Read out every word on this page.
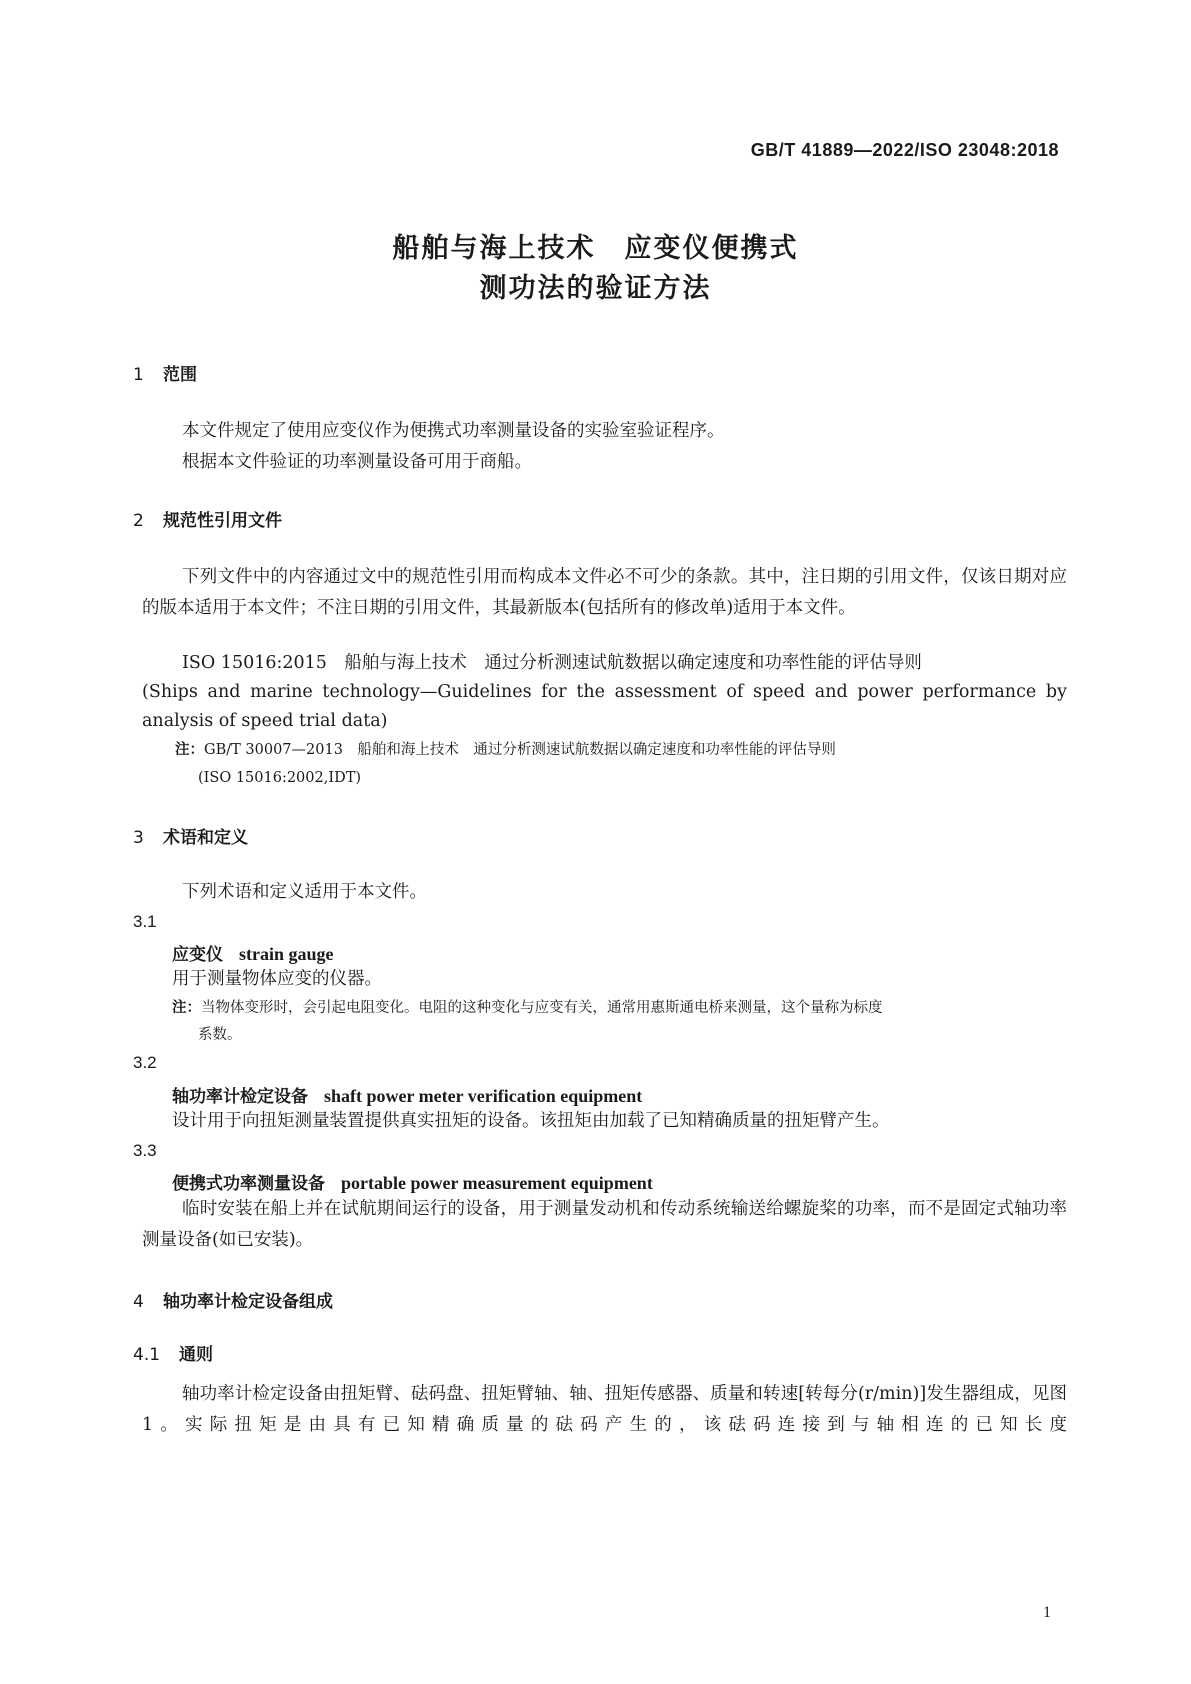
GB/T 41889—2022/ISO 23048:2018
船舶与海上技术　应变仪便携式
测功法的验证方法
1 范围
本文件规定了使用应变仪作为便携式功率测量设备的实验室验证程序。
根据本文件验证的功率测量设备可用于商船。
2 规范性引用文件
下列文件中的内容通过文中的规范性引用而构成本文件必不可少的条款。其中，注日期的引用文件，仅该日期对应的版本适用于本文件；不注日期的引用文件，其最新版本(包括所有的修改单)适用于本文件。
ISO 15016:2015　船舶与海上技术　通过分析测速试航数据以确定速度和功率性能的评估导则
(Ships and marine technology—Guidelines for the assessment of speed and power performance by
analysis of speed trial data)
注：GB/T 30007—2013　船舶和海上技术　通过分析测速试航数据以确定速度和功率性能的评估导则
(ISO 15016:2002,IDT)
3 术语和定义
下列术语和定义适用于本文件。
3.1
应变仪 strain gauge
用于测量物体应变的仪器。
注：当物体变形时，会引起电阻变化。电阻的这种变化与应变有关，通常用惠斯通电桥来测量，这个量称为标度
系数。
3.2
轴功率计检定设备 shaft power meter verification equipment
设计用于向扭矩测量装置提供真实扭矩的设备。该扭矩由加载了已知精确质量的扭矩臂产生。
3.3
便携式功率测量设备 portable power measurement equipment
临时安装在船上并在试航期间运行的设备，用于测量发动机和传动系统输送给螺旋桨的功率，而不是固定式轴功率测量设备(如已安装)。
4 轴功率计检定设备组成
4.1 通则
轴功率计检定设备由扭矩臂、砝码盘、扭矩臂轴、轴、扭矩传感器、质量和转速[转每分(r/min)]发生器组成，见图 1。实际扭矩是由具有已知精确质量的砝码产生的，该砝码连接到与轴相连的已知长度
1
